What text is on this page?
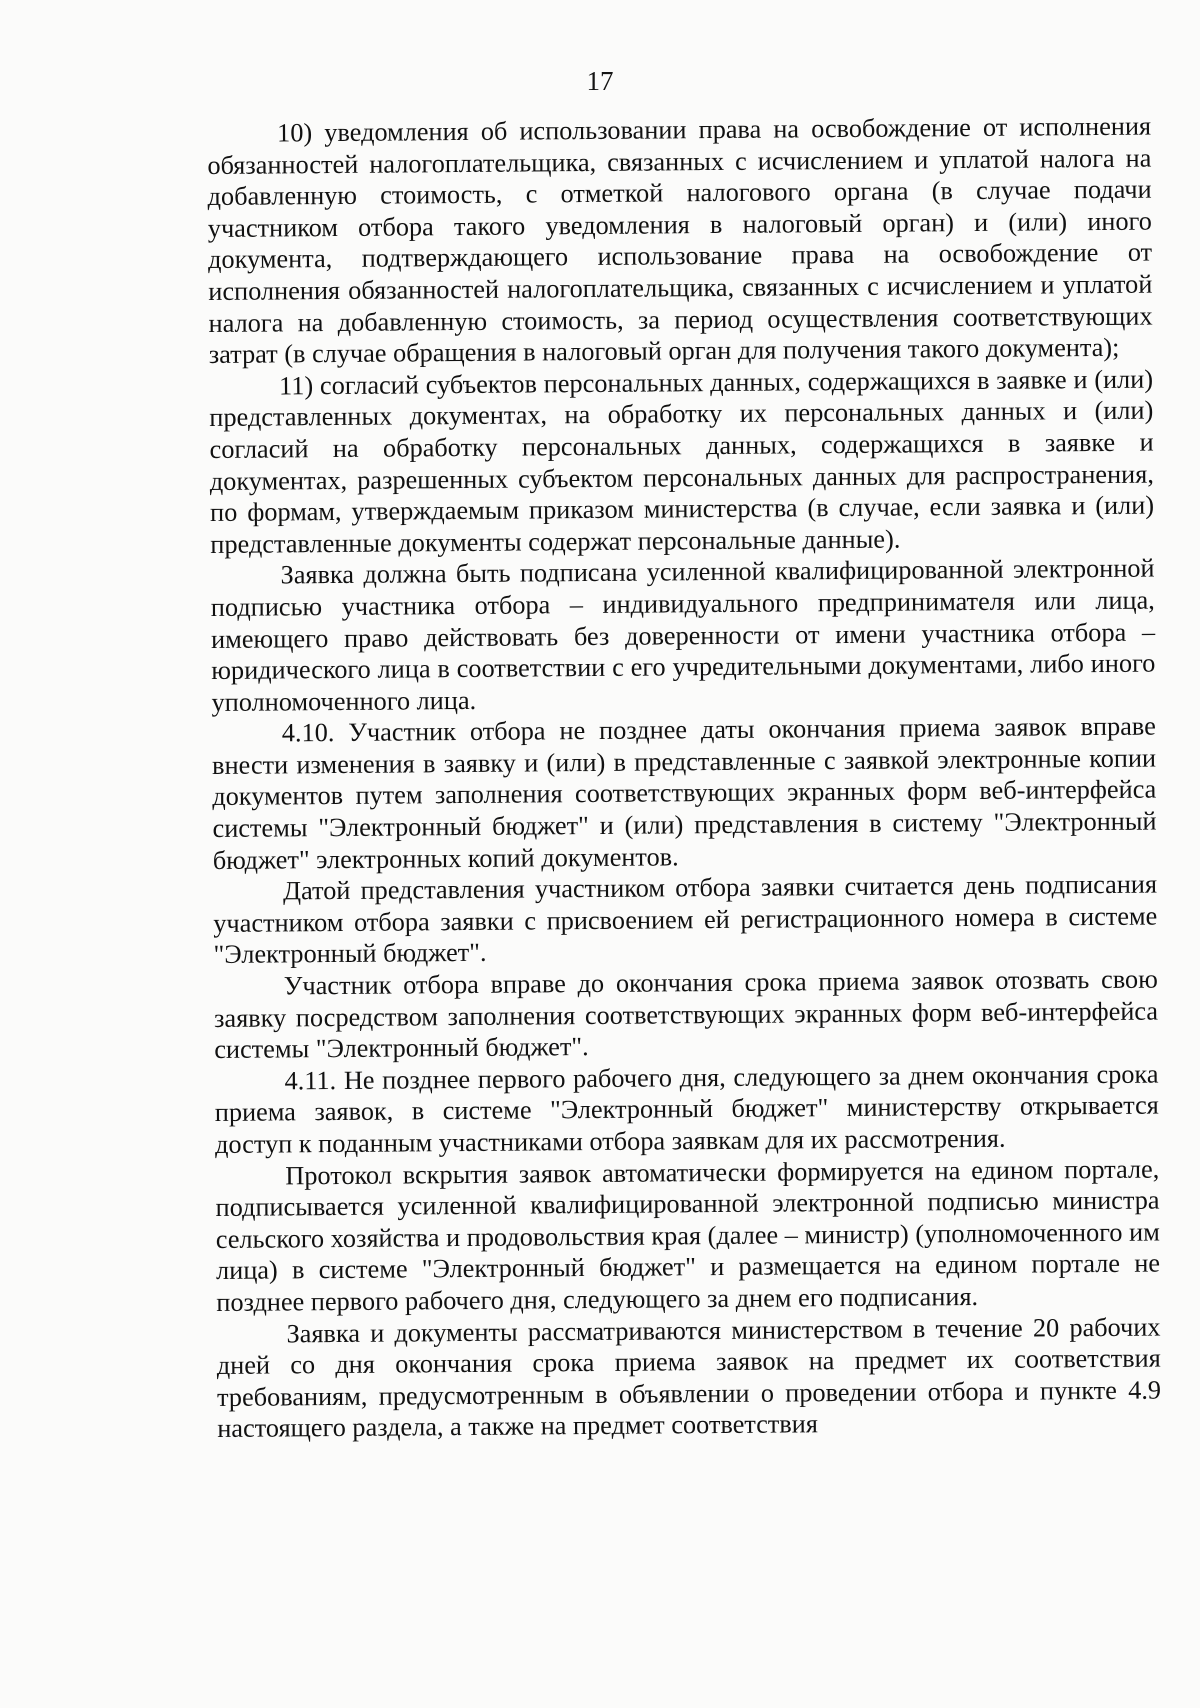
17

10) уведомления об использовании права на освобождение от исполнения обязанностей налогоплательщика, связанных с исчислением и уплатой налога на добавленную стоимость, с отметкой налогового органа (в случае подачи участником отбора такого уведомления в налоговый орган) и (или) иного документа, подтверждающего использование права на освобождение от исполнения обязанностей налогоплательщика, связанных с исчислением и уплатой налога на добавленную стоимость, за период осуществления соответствующих затрат (в случае обращения в налоговый орган для получения такого документа);

11) согласий субъектов персональных данных, содержащихся в заявке и (или) представленных документах, на обработку их персональных данных и (или) согласий на обработку персональных данных, содержащихся в заявке и документах, разрешенных субъектом персональных данных для распространения, по формам, утверждаемым приказом министерства (в случае, если заявка и (или) представленные документы содержат персональные данные).

Заявка должна быть подписана усиленной квалифицированной электронной подписью участника отбора – индивидуального предпринимателя или лица, имеющего право действовать без доверенности от имени участника отбора – юридического лица в соответствии с его учредительными документами, либо иного уполномоченного лица.

4.10. Участник отбора не позднее даты окончания приема заявок вправе внести изменения в заявку и (или) в представленные с заявкой электронные копии документов путем заполнения соответствующих экранных форм веб-интерфейса системы "Электронный бюджет" и (или) представления в систему "Электронный бюджет" электронных копий документов.

Датой представления участником отбора заявки считается день подписания участником отбора заявки с присвоением ей регистрационного номера в системе "Электронный бюджет".

Участник отбора вправе до окончания срока приема заявок отозвать свою заявку посредством заполнения соответствующих экранных форм веб-интерфейса системы "Электронный бюджет".

4.11. Не позднее первого рабочего дня, следующего за днем окончания срока приема заявок, в системе "Электронный бюджет" министерству открывается доступ к поданным участниками отбора заявкам для их рассмотрения.

Протокол вскрытия заявок автоматически формируется на едином портале, подписывается усиленной квалифицированной электронной подписью министра сельского хозяйства и продовольствия края (далее – министр) (уполномоченного им лица) в системе "Электронный бюджет" и размещается на едином портале не позднее первого рабочего дня, следующего за днем его подписания.

Заявка и документы рассматриваются министерством в течение 20 рабочих дней со дня окончания срока приема заявок на предмет их соответствия требованиям, предусмотренным в объявлении о проведении отбора и пункте 4.9 настоящего раздела, а также на предмет соответствия
